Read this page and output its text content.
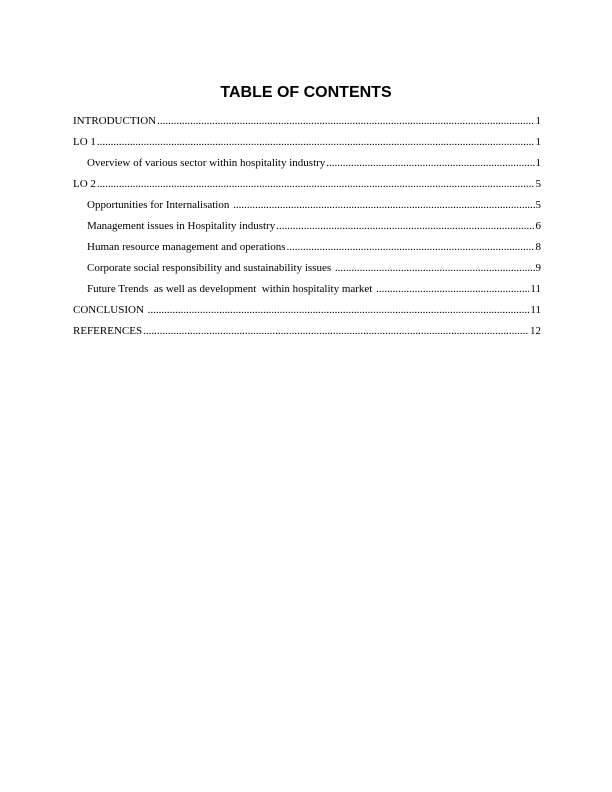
TABLE OF CONTENTS
INTRODUCTION .....	1
LO 1 .....	1
Overview of various sector within hospitality industry .....	1
LO 2 .....	5
Opportunities for Internalisation .....	5
Management issues in Hospitality industry .....	6
Human resource management and operations .....	8
Corporate social responsibility and sustainability issues .....	9
Future Trends  as well as development  within hospitality market .....	11
CONCLUSION .....	11
REFERENCES .....	12
